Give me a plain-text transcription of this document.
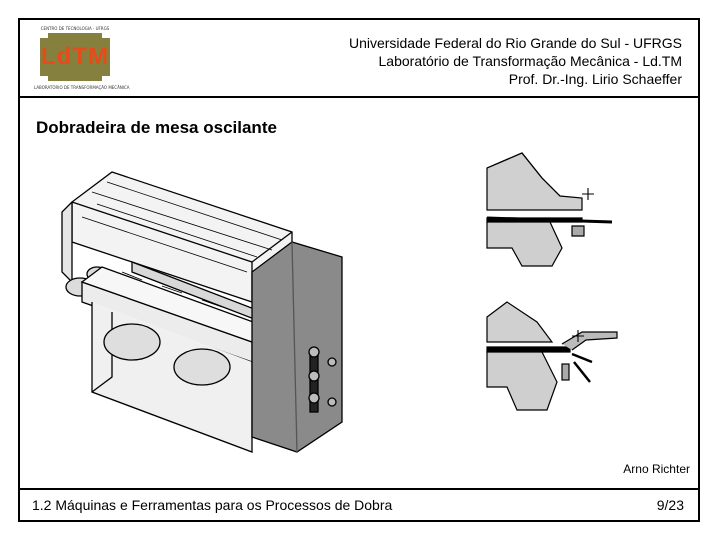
CENTRO DE TECNOLOGIA · UFRGS
LdTM
LABORATÓRIO DE TRANSFORMAÇÃO MECÂNICA
Universidade Federal do Rio Grande do Sul - UFRGS
Laboratório de Transformação Mecânica - Ld.TM
Prof. Dr.-Ing. Lirio Schaeffer
Dobradeira de mesa oscilante
Arno Richter
1.2 Máquinas e Ferramentas para os Processos de Dobra	9/23
